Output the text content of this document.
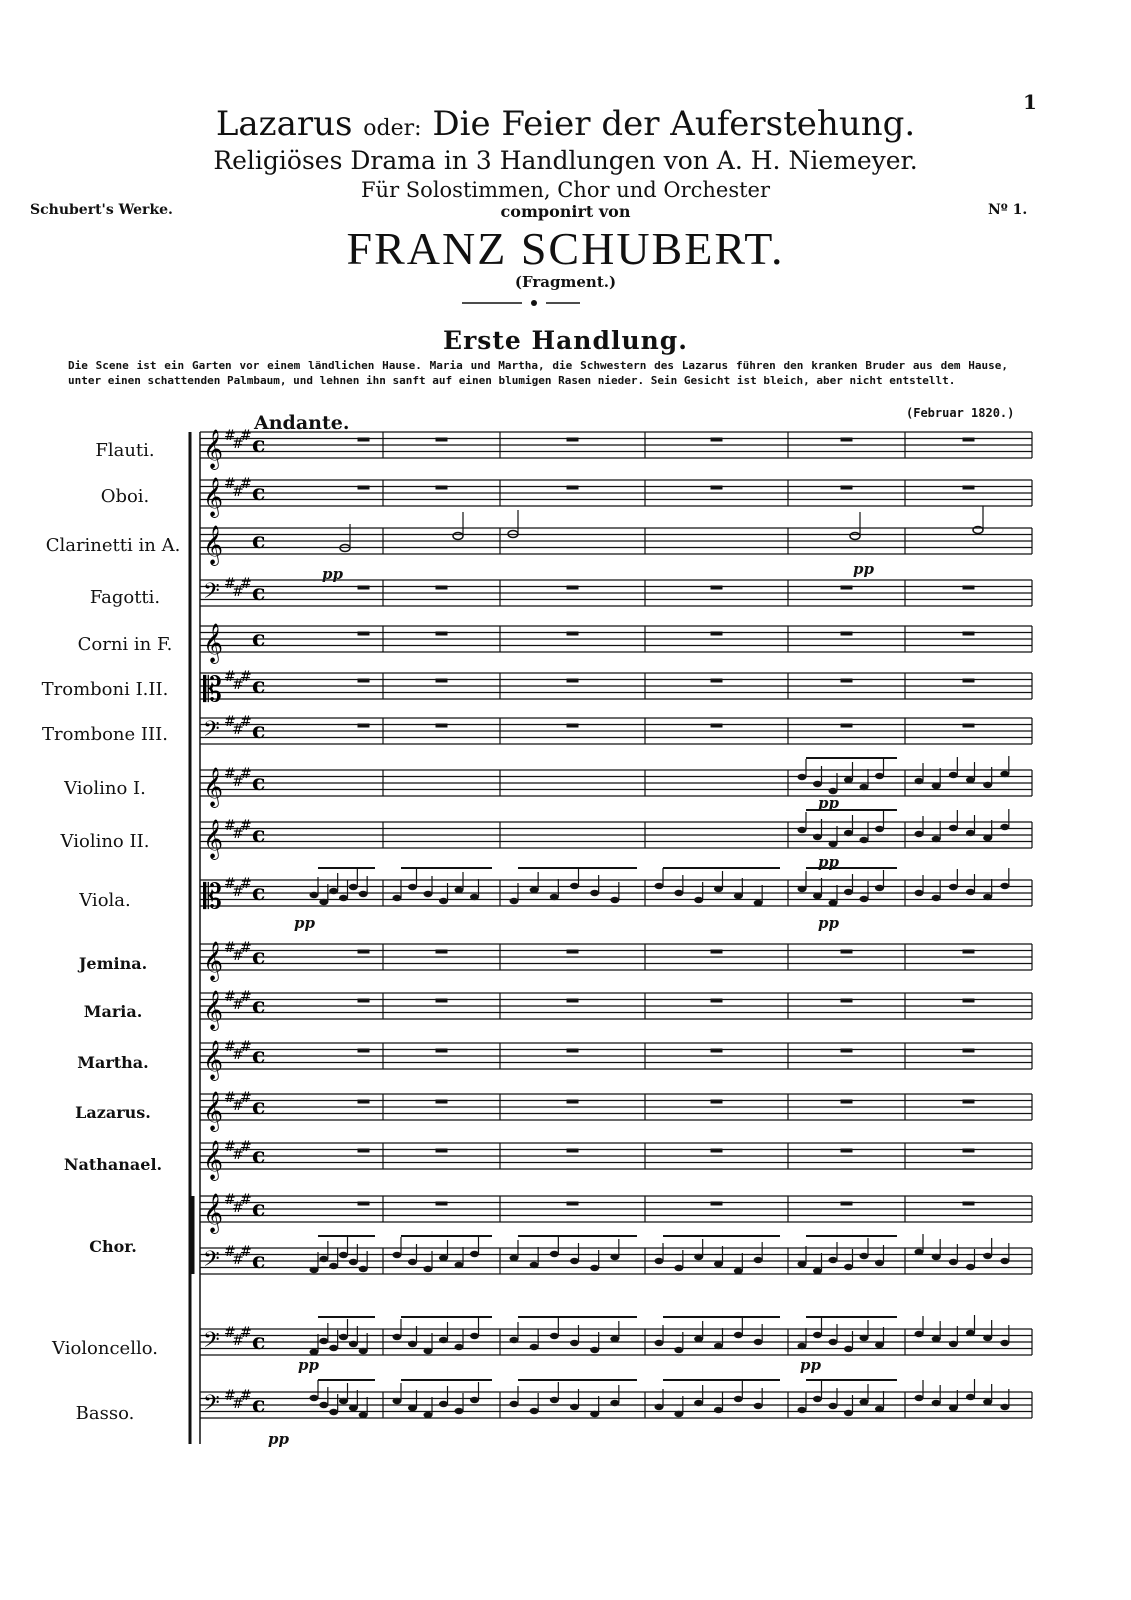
1
Lazarus oder: Die Feier der Auferstehung.
Religiöses Drama in 3 Handlungen von A. H. Niemeyer.
Für Solostimmen, Chor und Orchester
Schubert's Werke.	componirt von	Nº 1.
FRANZ SCHUBERT.
(Fragment.)
Erste Handlung.
Die Scene ist ein Garten vor einem ländlichen Hause. Maria und Martha, die Schwestern des Lazarus führen den kranken Bruder aus dem Hause, unter einen schattenden Palmbaum, und lehnen ihn sanft auf einen blumigen Rasen nieder. Sein Gesicht ist bleich, aber nicht entstellt.
(Februar 1820.)
Andante.
Flauti.
Oboi.
Clarinetti in A.
Fagotti.
Corni in F.
Tromboni I.II.
Trombone III.
Violino I.
Violino II.
Viola.
Jemina.
Maria.
Martha.
Lazarus.
Nathanael.
Chor.
Violoncello.
Basso.
𝄞 #
#
# c
𝄞 #
#
# c
𝄞 c
𝄢 #
#
# c
𝄞 c
𝄡 #
#
# c
𝄢 #
#
# c
𝄞 #
#
# c
𝄞 #
#
# c
𝄡 #
#
# c
𝄞 #
#
# c
𝄞 #
#
# c
𝄞 #
#
# c
𝄞 #
#
# c
𝄞 #
#
# c
𝄞 #
#
# c
𝄢 #
#
# c
𝄢 #
#
# c
𝄢 #
#
# c
pp	pp
pp
pp
pp	pp
pp	pp
pp
